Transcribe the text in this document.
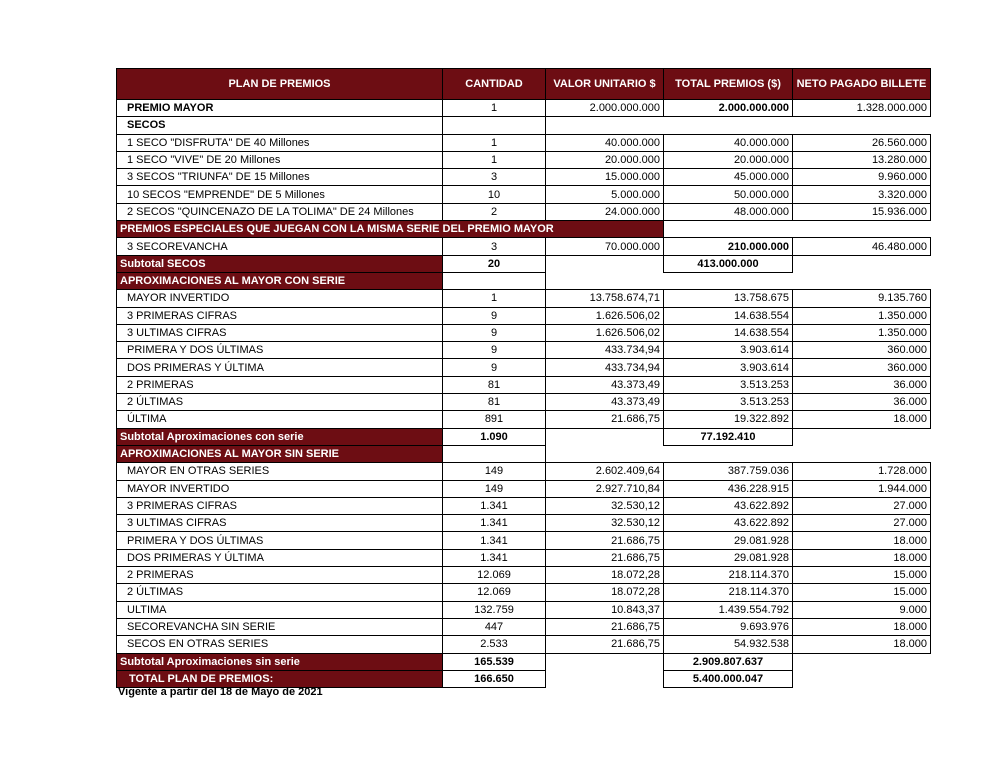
PLAN DE PREMIOS	CANTIDAD	VALOR UNITARIO $	TOTAL PREMIOS ($)	NETO PAGADO BILLETE
PREMIO MAYOR	1	2.000.000.000	2.000.000.000	1.328.000.000
SECOS				
1 SECO "DISFRUTA" DE 40 Millones	1	40.000.000	40.000.000	26.560.000
1 SECO "VIVE" DE 20 Millones	1	20.000.000	20.000.000	13.280.000
3 SECOS "TRIUNFA" DE 15 Millones	3	15.000.000	45.000.000	9.960.000
10 SECOS "EMPRENDE" DE 5 Millones	10	5.000.000	50.000.000	3.320.000
2 SECOS "QUINCENAZO DE LA TOLIMA" DE 24 Millones	2	24.000.000	48.000.000	15.936.000
PREMIOS ESPECIALES QUE JUEGAN CON LA MISMA SERIE DEL PREMIO MAYOR				
3 SECOREVANCHA	3	70.000.000	210.000.000	46.480.000
Subtotal SECOS	20		413.000.000	
APROXIMACIONES AL MAYOR CON SERIE				
MAYOR INVERTIDO	1	13.758.674,71	13.758.675	9.135.760
3 PRIMERAS CIFRAS	9	1.626.506,02	14.638.554	1.350.000
3 ULTIMAS CIFRAS	9	1.626.506,02	14.638.554	1.350.000
PRIMERA Y DOS ÚLTIMAS	9	433.734,94	3.903.614	360.000
DOS PRIMERAS Y ÚLTIMA	9	433.734,94	3.903.614	360.000
2 PRIMERAS	81	43.373,49	3.513.253	36.000
2 ÚLTIMAS	81	43.373,49	3.513.253	36.000
ÚLTIMA	891	21.686,75	19.322.892	18.000
Subtotal Aproximaciones con serie	1.090		77.192.410	
APROXIMACIONES AL MAYOR SIN SERIE				
MAYOR EN OTRAS SERIES	149	2.602.409,64	387.759.036	1.728.000
MAYOR INVERTIDO	149	2.927.710,84	436.228.915	1.944.000
3 PRIMERAS CIFRAS	1.341	32.530,12	43.622.892	27.000
3 ULTIMAS CIFRAS	1.341	32.530,12	43.622.892	27.000
PRIMERA Y DOS ÚLTIMAS	1.341	21.686,75	29.081.928	18.000
DOS PRIMERAS Y ÚLTIMA	1.341	21.686,75	29.081.928	18.000
2 PRIMERAS	12.069	18.072,28	218.114.370	15.000
2 ÚLTIMAS	12.069	18.072,28	218.114.370	15.000
ULTIMA	132.759	10.843,37	1.439.554.792	9.000
SECOREVANCHA SIN SERIE	447	21.686,75	9.693.976	18.000
SECOS EN OTRAS SERIES	2.533	21.686,75	54.932.538	18.000
Subtotal Aproximaciones sin serie	165.539		2.909.807.637	
TOTAL PLAN DE PREMIOS:	166.650		5.400.000.047	
Vigente a partir del 18 de Mayo de 2021
